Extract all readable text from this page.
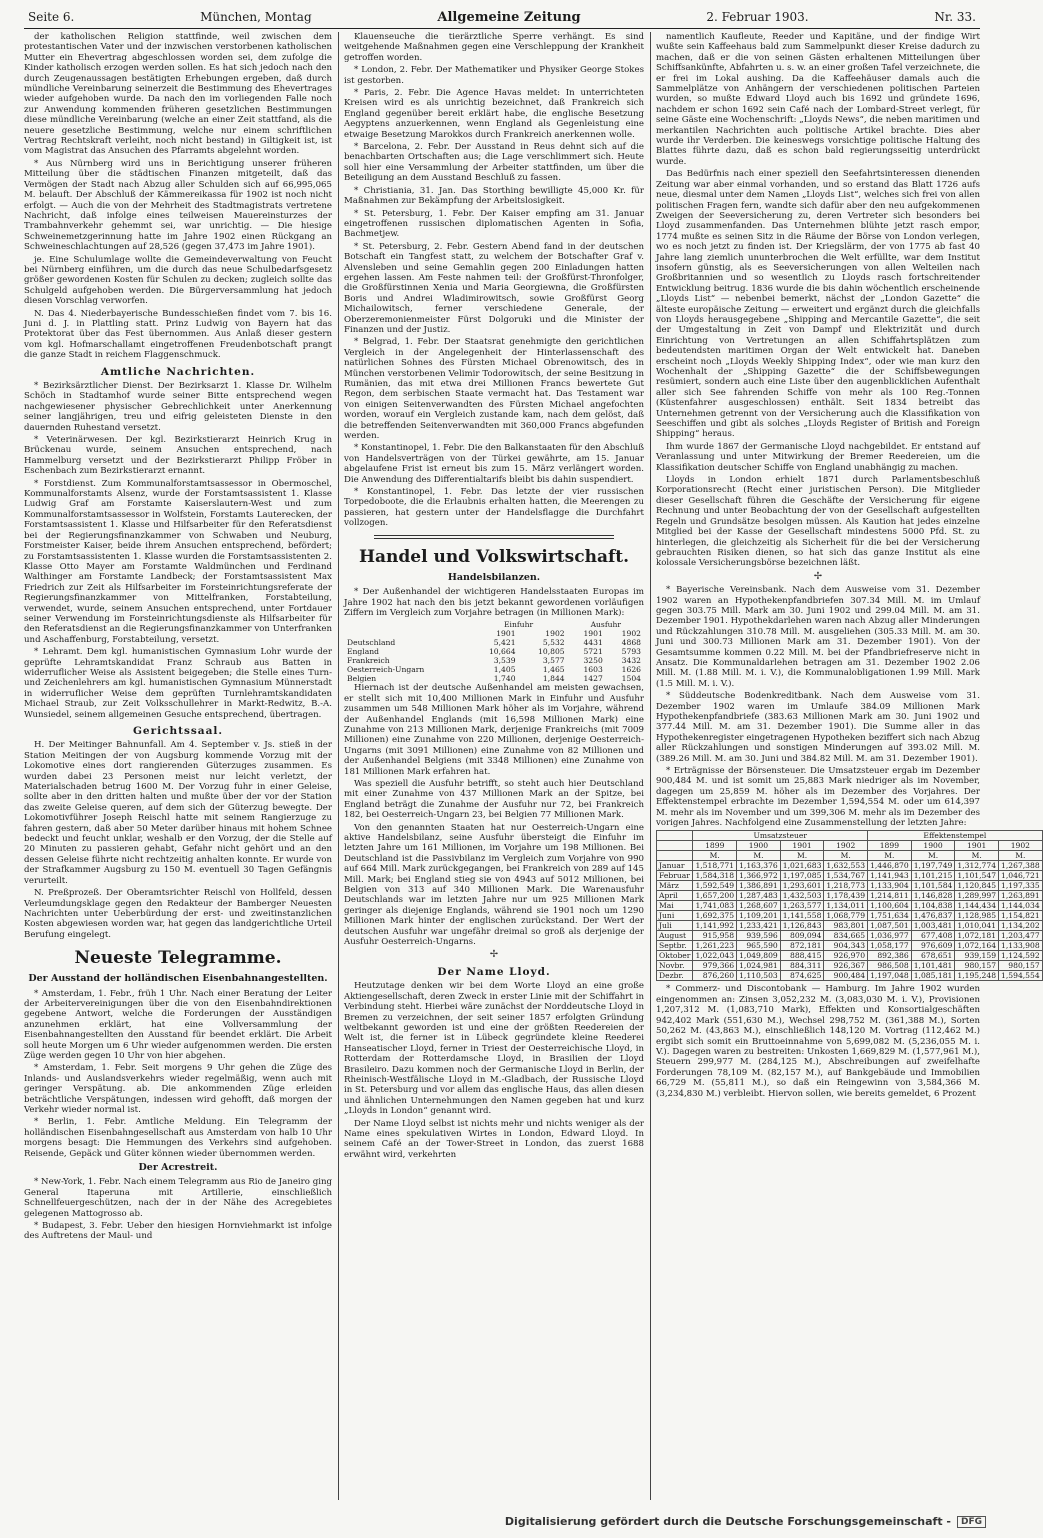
Seite 6.	München, Montag	Allgemeine Zeitung	2. Februar 1903.	Nr. 33.

der katholischen Religion stattfinde, weil zwischen dem protestantischen Vater und der inzwischen verstorbenen katholischen Mutter ein Ehevertrag abgeschlossen worden sei, dem zufolge die Kinder katholisch erzogen werden sollen. Es hat sich jedoch nach den durch Zeugenaussagen bestätigten Erhebungen ergeben, daß durch mündliche Vereinbarung seinerzeit die Bestimmung des Ehevertrages wieder aufgehoben wurde. Da nach den im vorliegenden Falle noch zur Anwendung kommenden früheren gesetzlichen Bestimmungen diese mündliche Vereinbarung (welche an einer Zeit stattfand, als die neuere gesetzliche Bestimmung, welche nur einem schriftlichen Vertrag Rechtskraft verleiht, noch nicht bestand) in Giltigkeit ist, ist vom Magistrat das Ansuchen des Pfarramts abgelehnt worden.

* Aus Nürnberg wird uns in Berichtigung unserer früheren Mitteilung über die städtischen Finanzen mitgeteilt, daß das Vermögen der Stadt nach Abzug aller Schulden sich auf 66,995,065 M. belauft. Der Abschluß der Kämmereikassa für 1902 ist noch nicht erfolgt. — Auch die von der Mehrheit des Stadtmagistrats vertretene Nachricht, daß infolge eines teilweisen Mauereinsturzes der Trambahnverkehr gehemmt sei, war unrichtig. — Die hiesige Schweinemetzgerinnung hatte im Jahre 1902 einen Rückgang an Schweineschlachtungen auf 28,526 (gegen 37,473 im Jahre 1901).

je. Eine Schulumlage wollte die Gemeindeverwaltung von Feucht bei Nürnberg einführen, um die durch das neue Schulbedarfsgesetz größer gewordenen Kosten für Schulen zu decken; zugleich sollte das Schulgeld aufgehoben werden. Die Bürgerversammlung hat jedoch diesen Vorschlag verworfen.

N. Das 4. Niederbayerische Bundesschießen findet vom 7. bis 16. Juni d. J. in Plattling statt. Prinz Ludwig von Bayern hat das Protektorat über das Fest übernommen. Aus Anlaß dieser gestern vom kgl. Hofmarschallamt eingetroffenen Freudenbotschaft prangt die ganze Stadt in reichem Flaggenschmuck.

Amtliche Nachrichten.

* Bezirksärztlicher Dienst. Der Bezirksarzt 1. Klasse Dr. Wilhelm Schöch in Stadtamhof wurde seiner Bitte entsprechend wegen nachgewiesener physischer Gebrechlichkeit unter Anerkennung seiner langjährigen, treu und eifrig geleisteten Dienste in den dauernden Ruhestand versetzt.

* Veterinärwesen. Der kgl. Bezirkstierarzt Heinrich Krug in Brückenau wurde, seinem Ansuchen entsprechend, nach Hammelburg versetzt und der Bezirkstierarzt Philipp Fröber in Eschenbach zum Bezirkstierarzt ernannt.

* Forstdienst. Zum Kommunalforstamtsassessor in Obermoschel, Kommunalforstamts Alsenz, wurde der Forstamtsassistent 1. Klasse Ludwig Graf am Forstamte Kaiserslautern-West und zum Kommunalforstamtsassessor in Wolfstein, Forstamts Lauterecken, der Forstamtsassistent 1. Klasse und Hilfsarbeiter für den Referatsdienst bei der Regierungsfinanzkammer von Schwaben und Neuburg, Forstmeister Kaiser, beide ihrem Ansuchen entsprechend, befördert; zu Forstamtsassistenten 1. Klasse wurden die Forstamtsassistenten 2. Klasse Otto Mayer am Forstamte Waldmünchen und Ferdinand Walthinger am Forstamte Landbeck; der Forstamtsassistent Max Friedrich zur Zeit als Hilfsarbeiter im Forsteinrichtungsreferate der Regierungsfinanzkammer von Mittelfranken, Forstabteilung, verwendet, wurde, seinem Ansuchen entsprechend, unter Fortdauer seiner Verwendung im Forsteinrichtungsdienste als Hilfsarbeiter für den Referatsdienst an die Regierungsfinanzkammer von Unterfranken und Aschaffenburg, Forstabteilung, versetzt.

* Lehramt. Dem kgl. humanistischen Gymnasium Lohr wurde der geprüfte Lehramtskandidat Franz Schraub aus Batten in widerruflicher Weise als Assistent beigegeben; die Stelle eines Turn- und Zeichenlehrers am kgl. humanistischen Gymnasium Münnerstadt in widerruflicher Weise dem geprüften Turnlehramtskandidaten Michael Straub, zur Zeit Volksschullehrer in Markt-Redwitz, B.-A. Wunsiedel, seinem allgemeinen Gesuche entsprechend, übertragen.

Gerichtssaal.

H. Der Meitinger Bahnunfall. Am 4. September v. Js. stieß in der Station Meitingen der von Augsburg kommende Vorzug mit der Lokomotive eines dort rangierenden Güterzuges zusammen. Es wurden dabei 23 Personen meist nur leicht verletzt, der Materialschaden betrug 1600 M. Der Vorzug fuhr in einer Geleise, sollte aber in den dritten halten und mußte über der vor der Station das zweite Geleise queren, auf dem sich der Güterzug bewegte. Der Lokomotivführer Joseph Reischl hatte mit seinem Rangierzuge zu fahren gestern, daß aber 50 Meter darüber hinaus mit hohem Schnee bedeckt und feucht unklar, weshalb er den Vorzug, der die Stelle auf 20 Minuten zu passieren gehabt, Gefahr nicht gehört und an den dessen Geleise führte nicht rechtzeitig anhalten konnte. Er wurde von der Strafkammer Augsburg zu 150 M. eventuell 30 Tagen Gefängnis verurteilt.

N. Preßprozeß. Der Oberamtsrichter Reischl von Hollfeld, dessen Verleumdungsklage gegen den Redakteur der Bamberger Neuesten Nachrichten unter Ueberbürdung der erst- und zweitinstanzlichen Kosten abgewiesen worden war, hat gegen das landgerichtliche Urteil Berufung eingelegt.

Neueste Telegramme.
Der Ausstand der holländischen Eisenbahnangestellten.

* Amsterdam, 1. Febr., früh 1 Uhr. Nach einer Beratung der Leiter der Arbeitervereinigungen über die von den Eisenbahndirektionen gegebene Antwort, welche die Forderungen der Ausständigen anzunehmen erklärt, hat eine Vollversammlung der Eisenbahnangestellten den Ausstand für beendet erklärt. Die Arbeit soll heute Morgen um 6 Uhr wieder aufgenommen werden. Die ersten Züge werden gegen 10 Uhr von hier abgehen.

* Amsterdam, 1. Febr. Seit morgens 9 Uhr gehen die Züge des Inlands- und Auslandsverkehrs wieder regelmäßig, wenn auch mit geringer Verspätung. ab. Die ankommenden Züge erleiden beträchtliche Verspätungen, indessen wird gehofft, daß morgen der Verkehr wieder normal ist.

* Berlin, 1. Febr. Amtliche Meldung. Ein Telegramm der holländischen Eisenbahngesellschaft aus Amsterdam von halb 10 Uhr morgens besagt: Die Hemmungen des Verkehrs sind aufgehoben. Reisende, Gepäck und Güter können wieder übernommen werden.

Der Acrestreit.

* New-York, 1. Febr. Nach einem Telegramm aus Rio de Janeiro ging General Itaperuna mit Artillerie, einschließlich Schnellfeuergeschützen, nach der in der Nähe des Acregebietes gelegenen Mattogrosso ab.

* Budapest, 3. Febr. Ueber den hiesigen Hornviehmarkt ist infolge des Auftretens der Maul- und

Klauenseuche die tierärztliche Sperre verhängt. Es sind weitgehende Maßnahmen gegen eine Verschleppung der Krankheit getroffen worden.

* London, 2. Febr. Der Mathematiker und Physiker George Stokes ist gestorben.

* Paris, 2. Febr. Die Agence Havas meldet: In unterrichteten Kreisen wird es als unrichtig bezeichnet, daß Frankreich sich England gegenüber bereit erklärt habe, die englische Besetzung Aegyptens anzuerkennen, wenn England als Gegenleistung eine etwaige Besetzung Marokkos durch Frankreich anerkennen wolle.

* Barcelona, 2. Febr. Der Ausstand in Reus dehnt sich auf die benachbarten Ortschaften aus; die Lage verschlimmert sich. Heute soll hier eine Versammlung der Arbeiter stattfinden, um über die Beteiligung an dem Ausstand Beschluß zu fassen.

* Christiania, 31. Jan. Das Storthing bewilligte 45,000 Kr. für Maßnahmen zur Bekämpfung der Arbeitslosigkeit.

* St. Petersburg, 1. Febr. Der Kaiser empfing am 31. Januar eingetroffenen russischen diplomatischen Agenten in Sofia, Bachmetjew.

* St. Petersburg, 2. Febr. Gestern Abend fand in der deutschen Botschaft ein Tangfest statt, zu welchem der Botschafter Graf v. Alvensleben und seine Gemahlin gegen 200 Einladungen hatten ergehen lassen. Am Feste nahmen teil: der Großfürst-Thronfolger, die Großfürstinnen Xenia und Maria Georgiewna, die Großfürsten Boris und Andrei Wladimirowitsch, sowie Großfürst Georg Michailowitsch, ferner verschiedene Generale, der Oberzeremonienmeister Fürst Dolgoruki und die Minister der Finanzen und der Justiz.

* Belgrad, 1. Febr. Der Staatsrat genehmigte den gerichtlichen Vergleich in der Angelegenheit der Hinterlassenschaft des natürlichen Sohnes des Fürsten Michael Obrenowitsch, des in München verstorbenen Velimir Todorowitsch, der seine Besitzung in Rumänien, das mit etwa drei Millionen Francs bewertete Gut Regon, dem serbischen Staate vermacht hat. Das Testament war von einigen Seitenverwandten des Fürsten Michael angefochten worden, worauf ein Vergleich zustande kam, nach dem gelöst, daß die betreffenden Seitenverwandten mit 360,000 Francs abgefunden werden.

* Konstantinopel, 1. Febr. Die den Balkanstaaten für den Abschluß von Handelsverträgen von der Türkei gewährte, am 15. Januar abgelaufene Frist ist erneut bis zum 15. März verlängert worden. Die Anwendung des Differentialtarifs bleibt bis dahin suspendiert.

* Konstantinopel, 1. Febr. Das letzte der vier russischen Torpedoboote, die die Erlaubnis erhalten hatten, die Meerengen zu passieren, hat gestern unter der Handelsflagge die Durchfahrt vollzogen.

Handel und Volkswirtschaft.
Handelsbilanzen.

* Der Außenhandel der wichtigeren Handelsstaaten Europas im Jahre 1902 hat nach den bis jetzt bekannt gewordenen vorläufigen Ziffern im Vergleich zum Vorjahre betragen (in Millionen Mark):

	Einfuhr		Ausfuhr	
	1901	1902	1901	1902
Deutschland	5,421	5,532	4431	4868
England	10,664	10,805	5721	5793
Frankreich	3,539	3,577	3250	3432
Oesterreich-Ungarn	1,405	1,465	1603	1626
Belgien	1,740	1,844	1427	1504

Hiernach ist der deutsche Außenhandel am meisten gewachsen, er stellt sich mit 10,400 Millionen Mark in Einfuhr und Ausfuhr zusammen um 548 Millionen Mark höher als im Vorjahre, während der Außenhandel Englands (mit 16,598 Millionen Mark) eine Zunahme von 213 Millionen Mark, derjenige Frankreichs (mit 7009 Millionen) eine Zunahme von 220 Millionen, derjenige Oesterreich-Ungarns (mit 3091 Millionen) eine Zunahme von 82 Millionen und der Außenhandel Belgiens (mit 3348 Millionen) eine Zunahme von 181 Millionen Mark erfahren hat.

Was speziell die Ausfuhr betrifft, so steht auch hier Deutschland mit einer Zunahme von 437 Millionen Mark an der Spitze, bei England beträgt die Zunahme der Ausfuhr nur 72, bei Frankreich 182, bei Oesterreich-Ungarn 23, bei Belgien 77 Millionen Mark.

Von den genannten Staaten hat nur Oesterreich-Ungarn eine aktive Handelsbilanz, seine Ausfuhr übersteigt die Einfuhr im letzten Jahre um 161 Millionen, im Vorjahre um 198 Millionen. Bei Deutschland ist die Passivbilanz im Vergleich zum Vorjahre von 990 auf 664 Mill. Mark zurückgegangen, bei Frankreich von 289 auf 145 Mill. Mark; bei England stieg sie von 4943 auf 5012 Millionen, bei Belgien von 313 auf 340 Millionen Mark. Die Warenausfuhr Deutschlands war im letzten Jahre nur um 925 Millionen Mark geringer als diejenige Englands, während sie 1901 noch um 1290 Millionen Mark hinter der englischen zurückstand. Der Wert der deutschen Ausfuhr war ungefähr dreimal so groß als derjenige der Ausfuhr Oesterreich-Ungarns.

✢
Der Name Lloyd.

Heutzutage denken wir bei dem Worte Lloyd an eine große Aktiengesellschaft, deren Zweck in erster Linie mit der Schiffahrt in Verbindung steht. Hierbei wäre zunächst der Norddeutsche Lloyd in Bremen zu verzeichnen, der seit seiner 1857 erfolgten Gründung weltbekannt geworden ist und eine der größten Reedereien der Welt ist, die ferner ist in Lübeck gegründete kleine Reederei Hanseatischer Lloyd, ferner in Triest der Oesterreichische Lloyd, in Rotterdam der Rotterdamsche Lloyd, in Brasilien der Lloyd Brasileiro. Dazu kommen noch der Germanische Lloyd in Berlin, der Rheinisch-Westfälische Lloyd in M.-Gladbach, der Russische Lloyd in St. Petersburg und vor allem das englische Haus, das allen diesen und ähnlichen Unternehmungen den Namen gegeben hat und kurz „Lloyds in London“ genannt wird.

Der Name Lloyd selbst ist nichts mehr und nichts weniger als der Name eines spekulativen Wirtes in London, Edward Lloyd. In seinem Café an der Tower-Street in London, das zuerst 1688 erwähnt wird, verkehrten

namentlich Kaufleute, Reeder und Kapitäne, und der findige Wirt wußte sein Kaffeehaus bald zum Sammelpunkt dieser Kreise dadurch zu machen, daß er die von seinen Gästen erhaltenen Mitteilungen über Schiffsankünfte, Abfahrten u. s. w. an einer großen Tafel verzeichnete, die er frei im Lokal aushing. Da die Kaffeehäuser damals auch die Sammelplätze von Anhängern der verschiedenen politischen Parteien wurden, so mußte Edward Lloyd auch bis 1692 und gründete 1696, nachdem er schon 1692 sein Café nach der Lombard-Street verlegt, für seine Gäste eine Wochenschrift: „Lloyds News“, die neben maritimen und merkantilen Nachrichten auch politische Artikel brachte. Dies aber wurde ihr Verderben. Die keineswegs vorsichtige politische Haltung des Blattes führte dazu, daß es schon bald regierungsseitig unterdrückt wurde.

Das Bedürfnis nach einer speziell den Seefahrtsinteressen dienenden Zeitung war aber einmal vorhanden, und so erstand das Blatt 1726 aufs neue, diesmal unter dem Namen „Lloyds List“, welches sich frei von allen politischen Fragen fern, wandte sich dafür aber den neu aufgekommenen Zweigen der Seeversicherung zu, deren Vertreter sich besonders bei Lloyd zusammenfanden. Das Unternehmen blühte jetzt rasch empor, 1774 mußte es seinen Sitz in die Räume der Börse von London verlegen, wo es noch jetzt zu finden ist. Der Kriegslärm, der von 1775 ab fast 40 Jahre lang ziemlich ununterbrochen die Welt erfüllte, war dem Institut insofern günstig, als es Seeversicherungen von allen Welteilen nach Großbritannien und so wesentlich zu Lloyds rasch fortschreitender Entwicklung beitrug. 1836 wurde die bis dahin wöchentlich erscheinende „Lloyds List“ — nebenbei bemerkt, nächst der „London Gazette“ die älteste europäische Zeitung — erweitert und ergänzt durch die gleichfalls von Lloyds herausgegebene „Shipping and Mercantile Gazette“, die seit der Umgestaltung in Zeit von Dampf und Elektrizität und durch Einrichtung von Vertretungen an allen Schiffahrtsplätzen zum bedeutendsten maritimen Organ der Welt entwickelt hat. Daneben erscheint noch „Lloyds Weekly Shipping Index“, oder wie man kurz den Wochenhalt der „Shipping Gazette“ die der Schiffsbewegungen resümiert, sondern auch eine Liste über den augenblicklichen Aufenthalt aller sich See fahrenden Schiffe von mehr als 100 Reg.-Tonnen (Küstenfahrer ausgeschlossen) enthält. Seit 1834 betreibt das Unternehmen getrennt von der Versicherung auch die Klassifikation von Seeschiffen und gibt als solches „Lloyds Register of British and Foreign Shipping“ heraus.

Ihm wurde 1867 der Germanische Lloyd nachgebildet. Er entstand auf Veranlassung und unter Mitwirkung der Bremer Reedereien, um die Klassifikation deutscher Schiffe von England unabhängig zu machen.

Lloyds in London erhielt 1871 durch Parlamentsbeschluß Korporationsrecht (Recht einer juristischen Person). Die Mitglieder dieser Gesellschaft führen die Geschäfte der Versicherung für eigene Rechnung und unter Beobachtung der von der Gesellschaft aufgestellten Regeln und Grundsätze besolgen müssen. Als Kaution hat jedes einzelne Mitglied bei der Kasse der Gesellschaft mindestens 5000 Pfd. St. zu hinterlegen, die gleichzeitig als Sicherheit für die bei der Versicherung gebrauchten Risiken dienen, so hat sich das ganze Institut als eine kolossale Versicherungsbörse bezeichnen läßt.

✢

* Bayerische Vereinsbank. Nach dem Ausweise vom 31. Dezember 1902 waren an Hypothekenpfandbriefen 307.34 Mill. M. im Umlauf gegen 303.75 Mill. Mark am 30. Juni 1902 und 299.04 Mill. M. am 31. Dezember 1901. Hypothekdarlehen waren nach Abzug aller Minderungen und Rückzahlungen 310.78 Mill. M. ausgeliehen (305.33 Mill. M. am 30. Juni und 300.73 Millionen Mark am 31. Dezember 1901). Von der Gesamtsumme kommen 0.22 Mill. M. bei der Pfandbriefreserve nicht in Ansatz. Die Kommunaldarlehen betragen am 31. Dezember 1902 2.06 Mill. M. (1.88 Mill. M. i. V.), die Kommunalobligationen 1.99 Mill. Mark (1.5 Mill. M. i. V.).

* Süddeutsche Bodenkreditbank. Nach dem Ausweise vom 31. Dezember 1902 waren im Umlaufe 384.09 Millionen Mark Hypothekenpfandbriefe (383.63 Millionen Mark am 30. Juni 1902 und 377.44 Mill. M. am 31. Dezember 1901). Die Summe aller in das Hypothekenregister eingetragenen Hypotheken beziffert sich nach Abzug aller Rückzahlungen und sonstigen Minderungen auf 393.02 Mill. M. (389.26 Mill. M. am 30. Juni und 384.82 Mill. M. am 31. Dezember 1901).

* Erträgnisse der Börsensteuer. Die Umsatzsteuer ergab im Dezember 900,484 M. und ist somit um 25,883 Mark niedriger als im November, dagegen um 25,859 M. höher als im Dezember des Vorjahres. Der Effektenstempel erbrachte im Dezember 1,594,554 M. oder um 614,397 M. mehr als im November und um 399,306 M. mehr als im Dezember des vorigen Jahres. Nachfolgend eine Zusammenstellung der letzten Jahre:

	Umsatzsteuer				Effektenstempel			
	1899	1900	1901	1902	1899	1900	1901	1902
	M.	M.	M.	M.	M.	M.	M.	M.
Januar	1,518,771	1,163,376	1,021,683	1,632,553	1,446,870	1,197,749	1,312,774	1,267,388
Februar	1,584,318	1,366,972	1,197,085	1,534,767	1,141,943	1,101,215	1,101,547	1,046,721
März	1,592,549	1,386,891	1,293,601	1,218,773	1,133,904	1,101,584	1,120,845	1,197,335
April	1,657,200	1,287,483	1,432,503	1,178,439	1,214,811	1,146,828	1,289,997	1,263,891
Mai	1,741,083	1,268,607	1,263,577	1,134,011	1,100,604	1,104,838	1,144,434	1,144,034
Juni	1,692,375	1,109,201	1,141,558	1,068,779	1,751,634	1,476,837	1,128,985	1,154,821
Juli	1,141,992	1,233,421	1,126,843	983,801	1,087,501	1,003,481	1,010,041	1,134,202
August	915,958	939,596	809,094	834,665	1,036,977	677,408	1,072,181	1,203,477
Septbr.	1,261,223	965,590	872,181	904,343	1,058,177	976,609	1,072,164	1,133,908
Oktober	1,022,043	1,049,809	888,415	926,970	892,386	678,651	939,159	1,124,592
Novbr.	979,366	1,024,981	884,311	926,367	986,508	1,101,481	980,157	980,157
Dezbr.	876,260	1,110,503	874,625	900,484	1,197,048	1,085,181	1,195,248	1,594,554

* Commerz- und Discontobank — Hamburg. Im Jahre 1902 wurden eingenommen an: Zinsen 3,052,232 M. (3,083,030 M. i. V.), Provisionen 1,207,312 M. (1,083,710 Mark), Effekten und Konsortialgeschäften 942,402 Mark (551,630 M.), Wechsel 298,752 M. (361,388 M.), Sorten 50,262 M. (43,863 M.), einschließlich 148,120 M. Vortrag (112,462 M.) ergibt sich somit ein Bruttoeinnahme von 5,699,082 M. (5,236,055 M. i. V.). Dagegen waren zu bestreiten: Unkosten 1,669,829 M. (1,577,961 M.), Steuern 299,977 M. (284,125 M.), Abschreibungen auf zweifelhafte Forderungen 78,109 M. (82,157 M.), auf Bankgebäude und Immobilien 66,729 M. (55,811 M.), so daß ein Reingewinn von 3,584,366 M. (3,234,830 M.) verbleibt. Hiervon sollen, wie bereits gemeldet, 6 Prozent

Digitalisierung gefördert durch die Deutsche Forschungsgemeinschaft -	DFG
